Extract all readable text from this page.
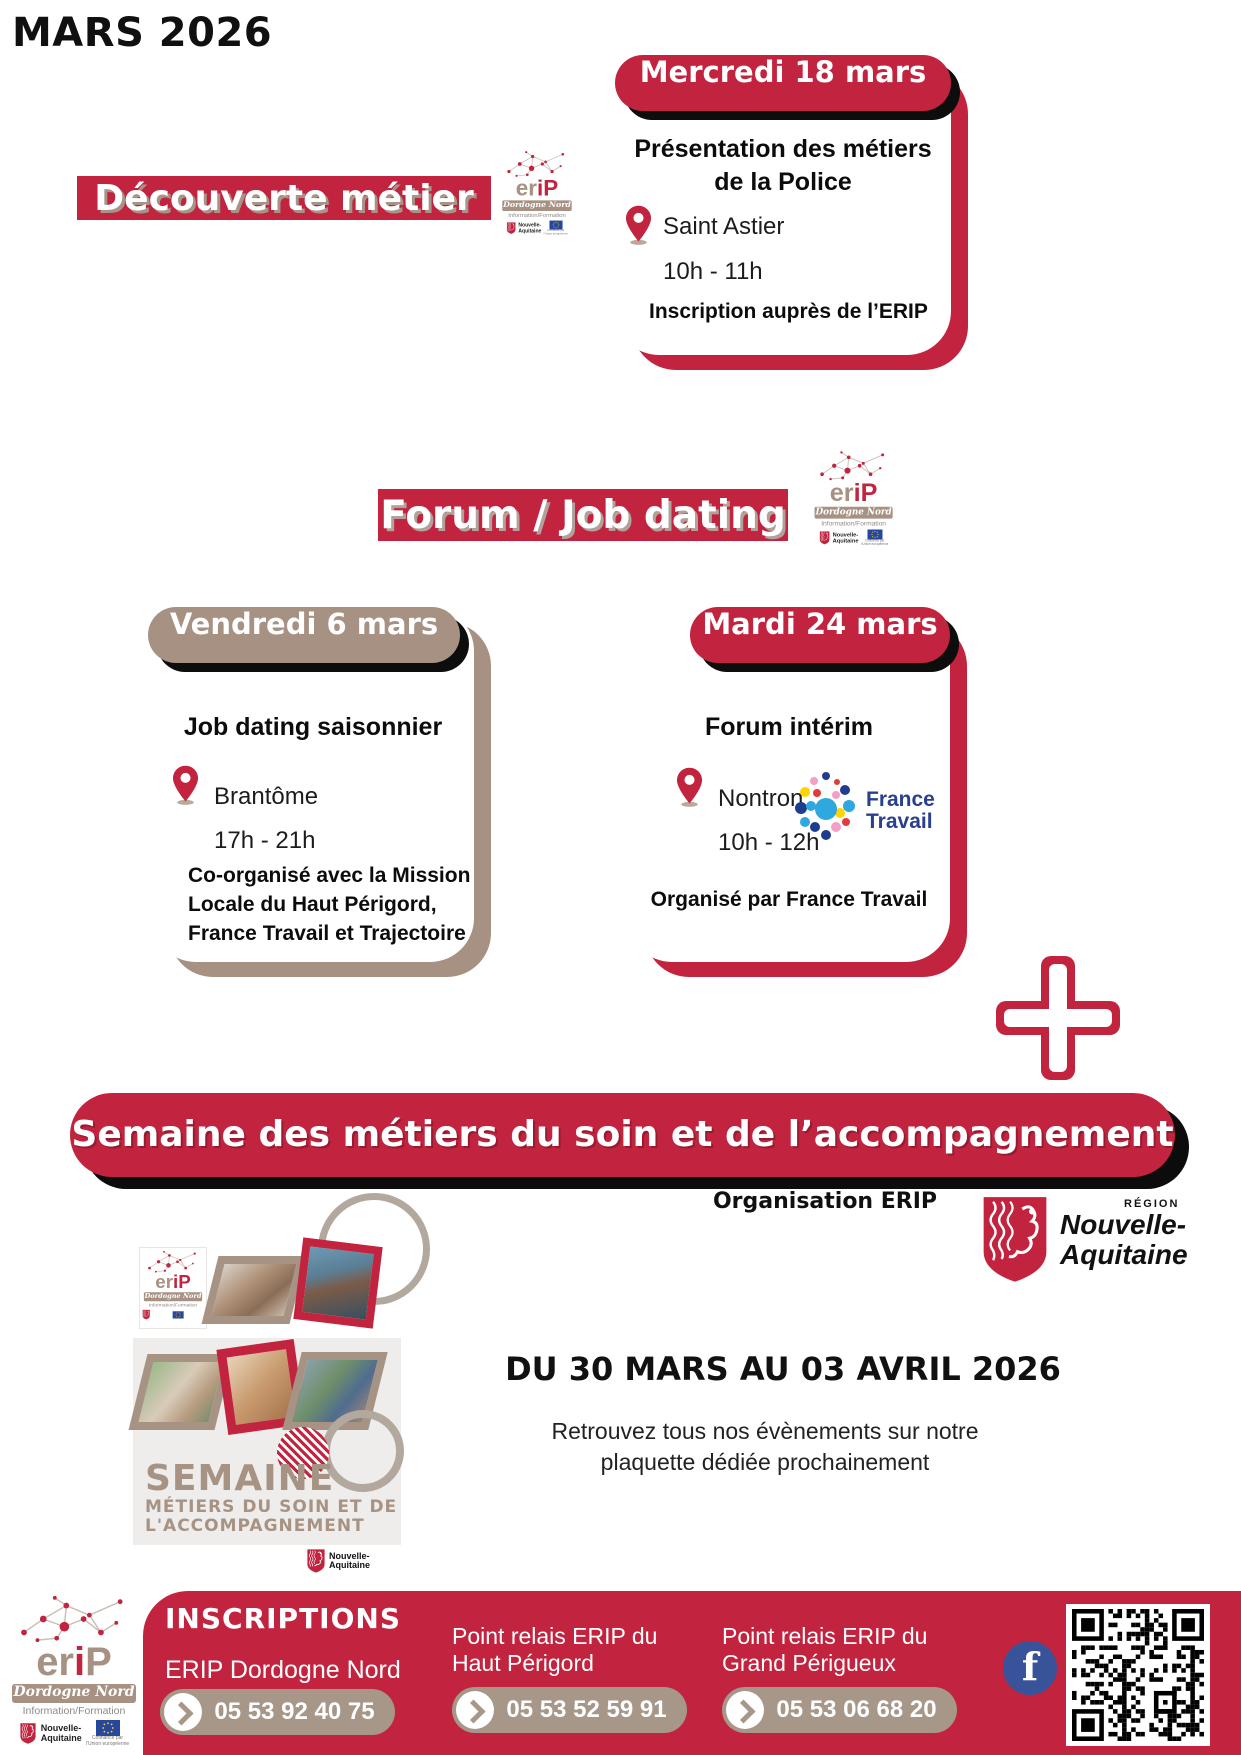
MARS 2026
Découverte métier	eriP
Dordogne Nord
Information/Formation
Nouvelle-
Aquitaine	Cofinancé par
l’Union européenne
Mercredi 18 mars
Présentation des métiers
de la Police
Saint Astier
10h - 11h
Inscription auprès de l’ERIP
Forum / Job dating
eriP
Dordogne Nord
Information/Formation
Nouvelle-
Aquitaine	Cofinancé par
l’Union européenne
Vendredi 6 mars
Job dating saisonnier
Brantôme
17h - 21h
Co-organisé avec la Mission Locale du Haut Périgord, France Travail et Trajectoire
Mardi 24 mars
Forum intérim
Nontron
10h - 12h
France
Travail
Organisé par France Travail
Semaine des métiers du soin et de l’accompagnement
Organisation ERIP	RÉGION
Nouvelle-
Aquitaine
eriP
Dordogne Nord
Information/Formation
SEMAINE
MÉTIERS DU SOIN ET DE
L'ACCOMPAGNEMENT
Nouvelle-
Aquitaine
DU 30 MARS AU 03 AVRIL 2026
Retrouvez tous nos évènements sur notre
plaquette dédiée prochainement
eriP
Dordogne Nord
Information/Formation
Nouvelle-
Aquitaine	Cofinancé par
l’Union européenne
INSCRIPTIONS
ERIP Dordogne Nord
05 53 92 40 75
Point relais ERIP du
Haut Périgord
05 53 52 59 91
Point relais ERIP du
Grand Périgueux
05 53 06 68 20
f
